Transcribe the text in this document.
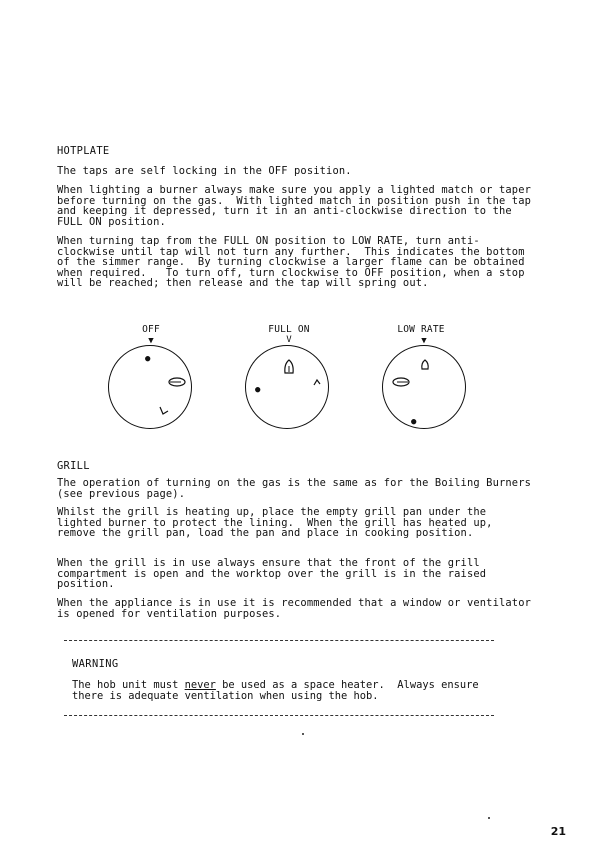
HOTPLATE
The taps are self locking in the OFF position.
When lighting a burner always make sure you apply a lighted match or taper before turning on the gas.  With lighted match in position push in the tap and keeping it depressed, turn it in an anti-clockwise direction to the FULL ON position.
When turning tap from the FULL ON position to LOW RATE, turn anti-clockwise until tap will not turn any further.  This indicates the bottom of the simmer range.  By turning clockwise a larger flame can be obtained when required.   To turn off, turn clockwise to OFF position, when a stop will be reached; then release and the tap will spring out.
OFF
▼
●
FULL ON
V
●
LOW RATE
▼
●
GRILL
The operation of turning on the gas is the same as for the Boiling Burners (see previous page).
Whilst the grill is heating up, place the empty grill pan under the lighted burner to protect the lining.  When the grill has heated up, remove the grill pan, load the pan and place in cooking position.
When the grill is in use always ensure that the front of the grill compartment is open and the worktop over the grill is in the raised position.
When the appliance is in use it is recommended that a window or ventilator is opened for ventilation purposes.
WARNING
The hob unit must never be used as a space heater.  Always ensure there is adequate ventilation when using the hob.
21
